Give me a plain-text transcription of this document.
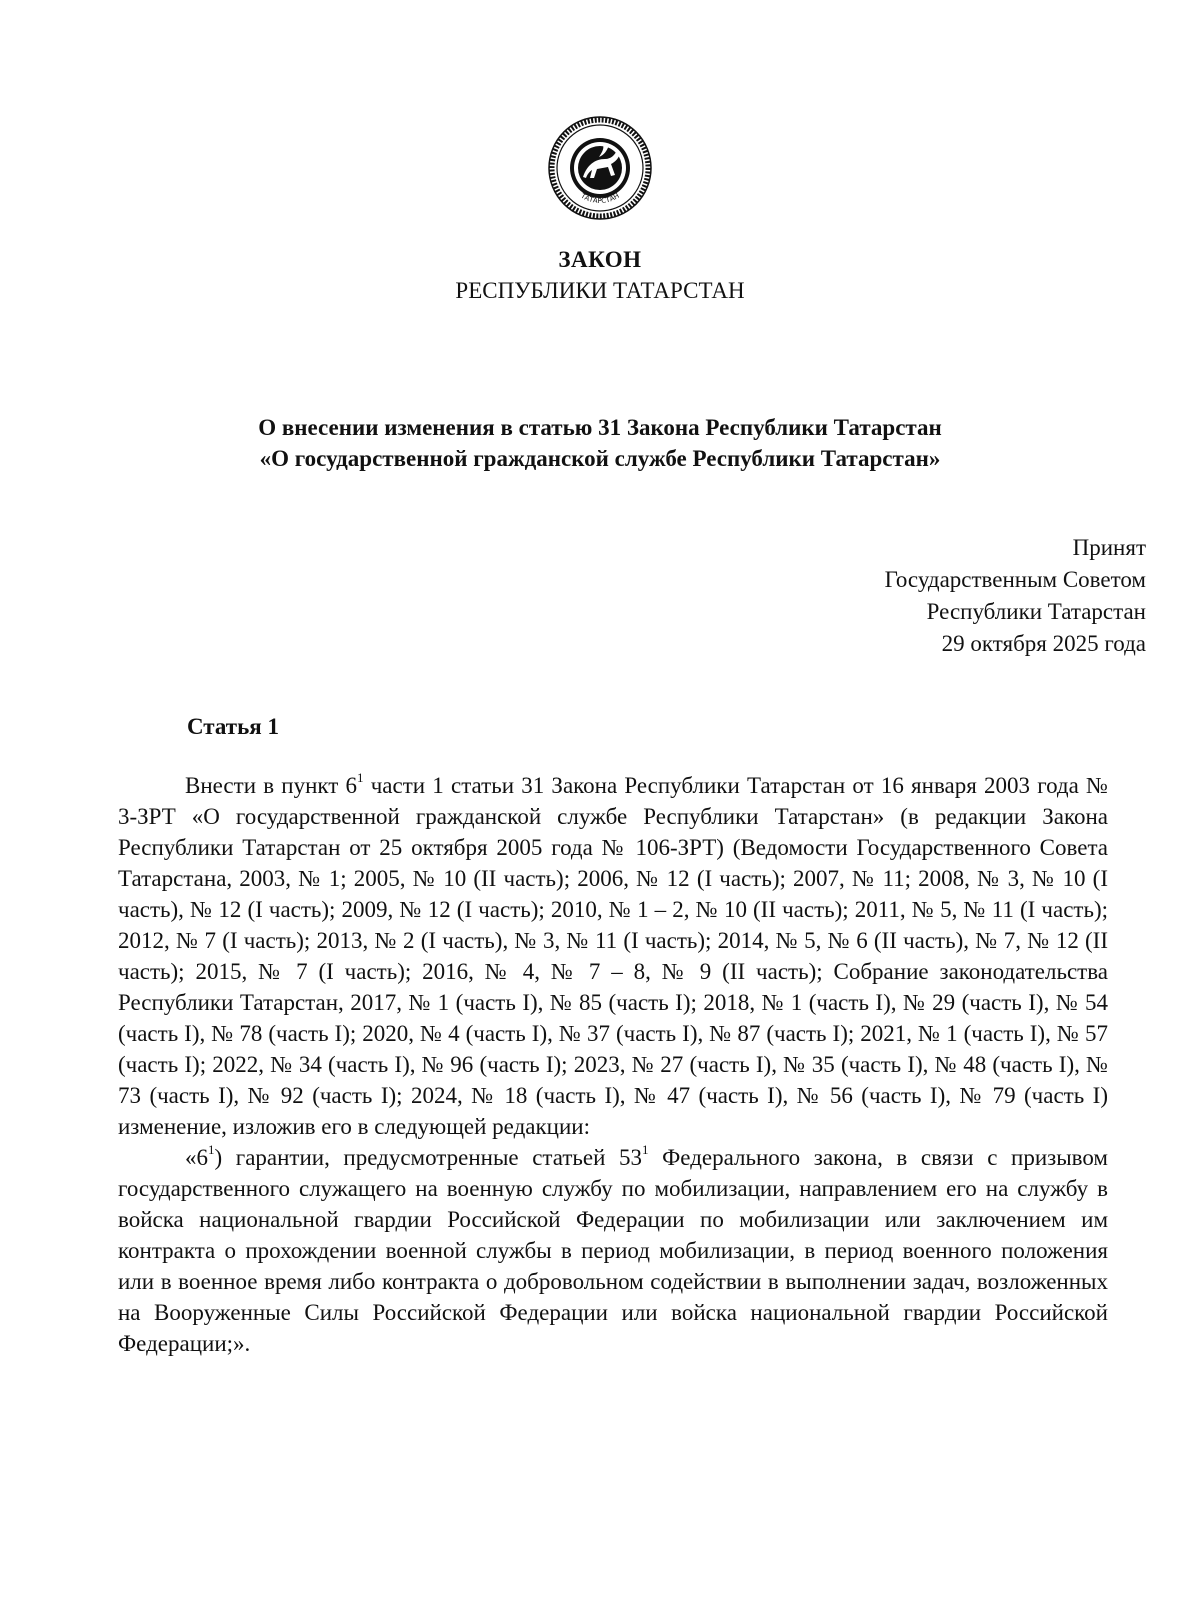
ТАТАРСТАН
ЗАКОН
РЕСПУБЛИКИ ТАТАРСТАН
О внесении изменения в статью 31 Закона Республики Татарстан
«О государственной гражданской службе Республики Татарстан»
Принят
Государственным Советом
Республики Татарстан
29 октября 2025 года
Статья 1

Внести в пункт $6^1$ части 1 статьи 31 Закона Республики Татарстан от 16 января 2003 года № 3-ЗРТ «О государственной гражданской службе Республики Татарстан» (в редакции Закона Республики Татарстан от 25 октября 2005 года № 106-ЗРТ) (Ведомости Государственного Совета Татарстана, 2003, № 1; 2005, № 10 (II часть); 2006, № 12 (I часть); 2007, № 11; 2008, № 3, № 10 (I часть), № 12 (I часть); 2009, № 12 (I часть); 2010, № 1 – 2, № 10 (II часть); 2011, № 5, № 11 (I часть); 2012, № 7 (I часть); 2013, № 2 (I часть), № 3, № 11 (I часть); 2014, № 5, № 6 (II часть), № 7, № 12 (II часть); 2015, № 7 (I часть); 2016, № 4, № 7 – 8, № 9 (II часть); Собрание законодательства Республики Татарстан, 2017, № 1 (часть I), № 85 (часть I); 2018, № 1 (часть I), № 29 (часть I), № 54 (часть I), № 78 (часть I); 2020, № 4 (часть I), № 37 (часть I), № 87 (часть I); 2021, № 1 (часть I), № 57 (часть I); 2022, № 34 (часть I), № 96 (часть I); 2023, № 27 (часть I), № 35 (часть I), № 48 (часть I), № 73 (часть I), № 92 (часть I); 2024, № 18 (часть I), № 47 (часть I), № 56 (часть I), № 79 (часть I) изменение, изложив его в следующей редакции:

«$6^1$) гарантии, предусмотренные статьей $53^1$ Федерального закона, в связи с призывом государственного служащего на военную службу по мобилизации, направлением его на службу в войска национальной гвардии Российской Федерации по мобилизации или заключением им контракта о прохождении военной службы в период мобилизации, в период военного положения или в военное время либо контракта о добровольном содействии в выполнении задач, возложенных на Вооруженные Силы Российской Федерации или войска национальной гвардии Российской Федерации;».
